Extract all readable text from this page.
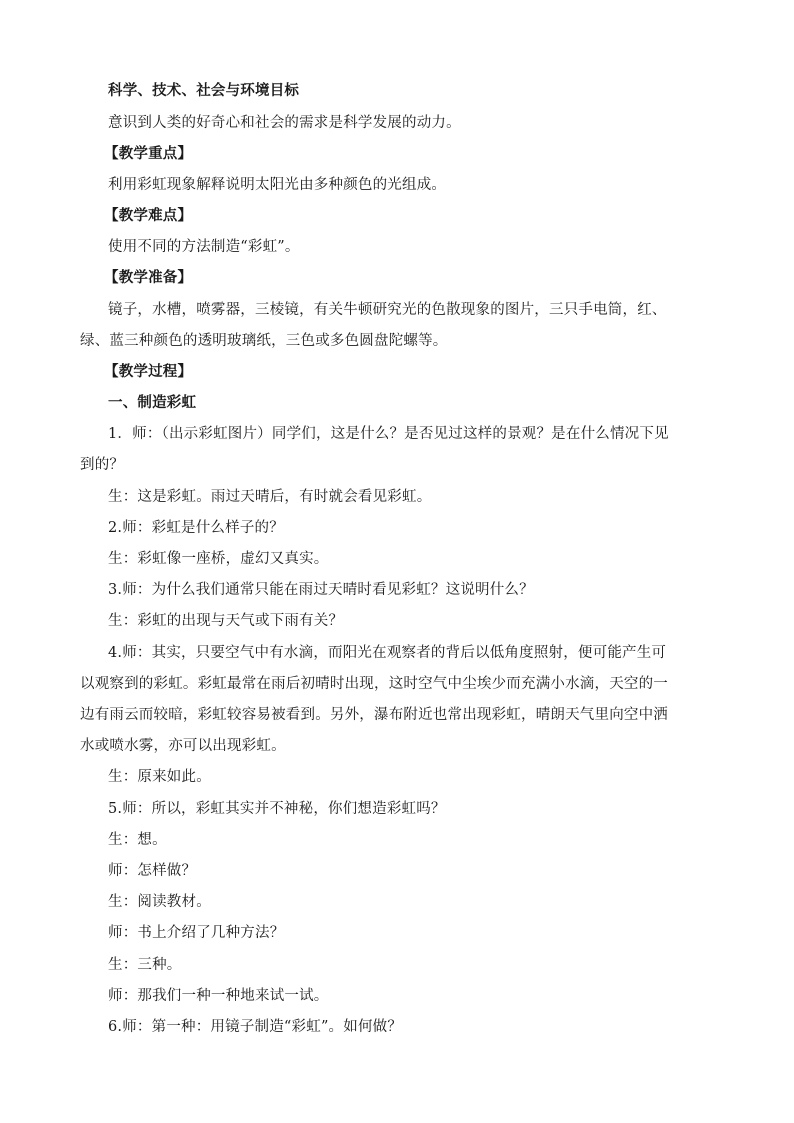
科学、技术、社会与环境目标
意识到人类的好奇心和社会的需求是科学发展的动力。
【教学重点】
利用彩虹现象解释说明太阳光由多种颜色的光组成。
【教学难点】
使用不同的方法制造“彩虹”。
【教学准备】
镜子，水槽，喷雾器，三棱镜，有关牛顿研究光的色散现象的图片，三只手电筒，红、
绿、蓝三种颜色的透明玻璃纸，三色或多色圆盘陀螺等。
【教学过程】
一、制造彩虹
1．师：（出示彩虹图片）同学们，这是什么？是否见过这样的景观？是在什么情况下见
到的？
生：这是彩虹。雨过天晴后，有时就会看见彩虹。
2.师：彩虹是什么样子的？
生：彩虹像一座桥，虚幻又真实。
3.师：为什么我们通常只能在雨过天晴时看见彩虹？这说明什么？
生：彩虹的出现与天气或下雨有关？
4.师：其实，只要空气中有水滴，而阳光在观察者的背后以低角度照射，便可能产生可
以观察到的彩虹。彩虹最常在雨后初晴时出现，这时空气中尘埃少而充满小水滴，天空的一
边有雨云而较暗，彩虹较容易被看到。另外，瀑布附近也常出现彩虹，晴朗天气里向空中洒
水或喷水雾，亦可以出现彩虹。
生：原来如此。
5.师：所以，彩虹其实并不神秘，你们想造彩虹吗？
生：想。
师：怎样做？
生：阅读教材。
师：书上介绍了几种方法？
生：三种。
师：那我们一种一种地来试一试。
6.师：第一种：用镜子制造“彩虹”。如何做？
